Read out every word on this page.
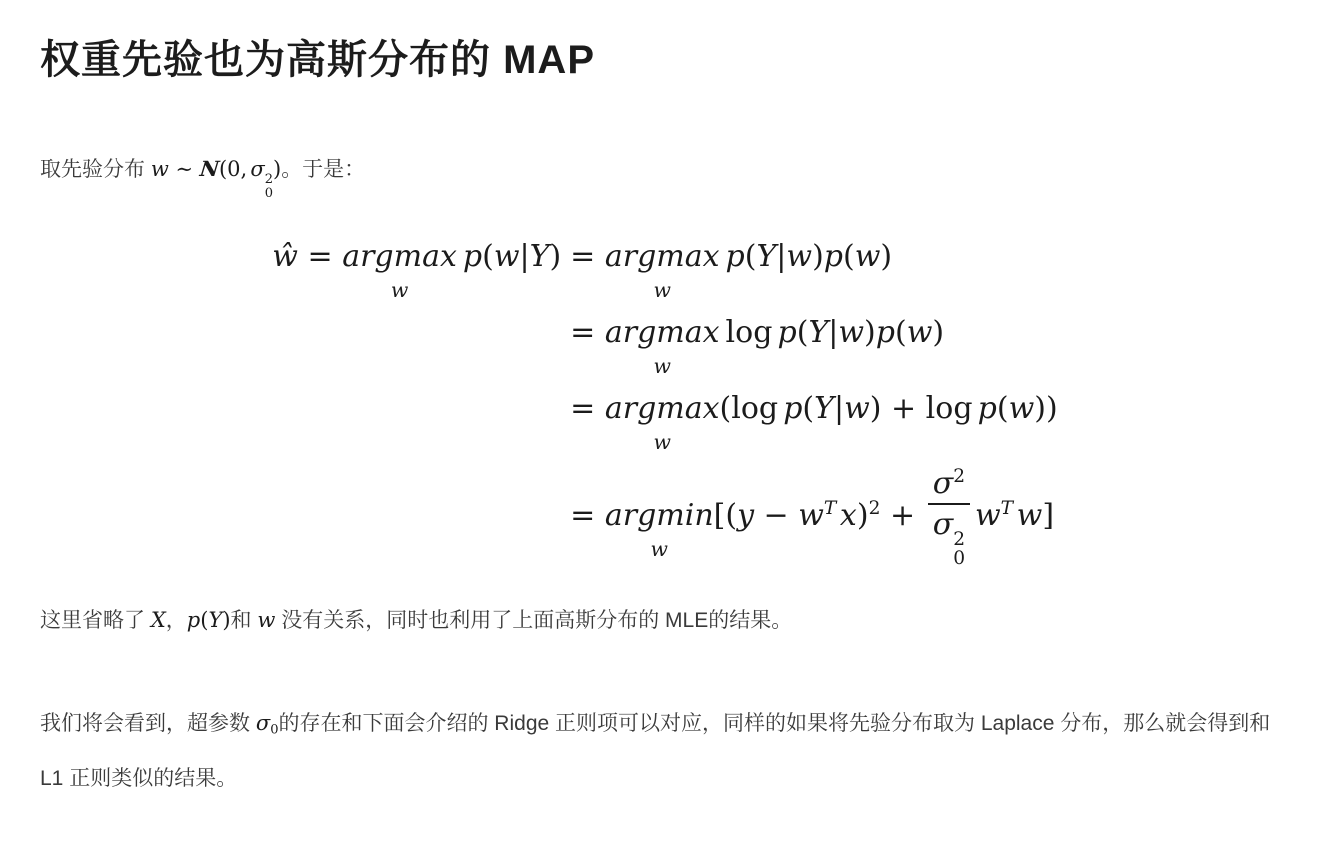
权重先验也为高斯分布的 MAP

取先验分布 w ∼ N(0, σ 2
0
)。于是：

ŵ = argmax
w
p(w|Y) = argmax
w
p(Y|w)p(w)
= argmax
w
log p(Y|w)p(w)
= argmax
w
(log p(Y|w) + log p(w))
= argmin
w
[($y - w^T$ $x)^2 + \sigma^2$
σ 2
0 $w^T$ w]

这里省略了 X，p(Y)和 w 没有关系，同时也利用了上面高斯分布的 MLE的结果。

我们将会看到，超参数 σ0的存在和下面会介绍的 Ridge 正则项可以对应，同样的如果将先验分布取为 Laplace 分布，那么就会得到和 L1 正则类似的结果。
